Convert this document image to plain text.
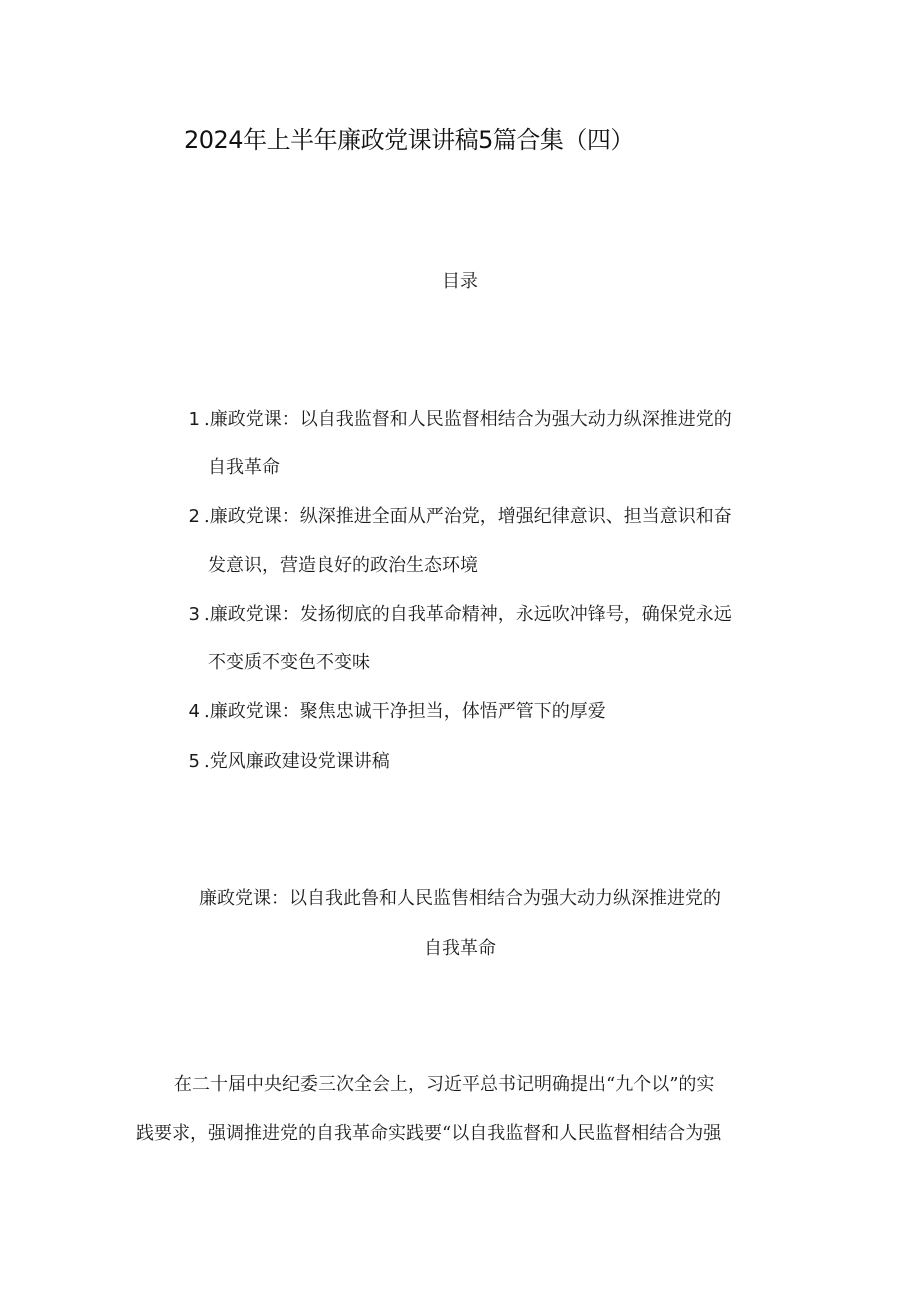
2024年上半年廉政党课讲稿5篇合集（四）
目录
1 .廉政党课：以自我监督和人民监督相结合为强大动力纵深推进党的
自我革命
2 .廉政党课：纵深推进全面从严治党，增强纪律意识、担当意识和奋
发意识，营造良好的政治生态环境
3 .廉政党课：发扬彻底的自我革命精神，永远吹冲锋号，确保党永远
不变质不变色不变味
4 .廉政党课：聚焦忠诚干净担当，体悟严管下的厚爱
5 .党风廉政建设党课讲稿
廉政党课：以自我此鲁和人民监售相结合为强大动力纵深推进党的
自我革命
在二十届中央纪委三次全会上，习近平总书记明确提出“九个以”的实
践要求，强调推进党的自我革命实践要“以自我监督和人民监督相结合为强
